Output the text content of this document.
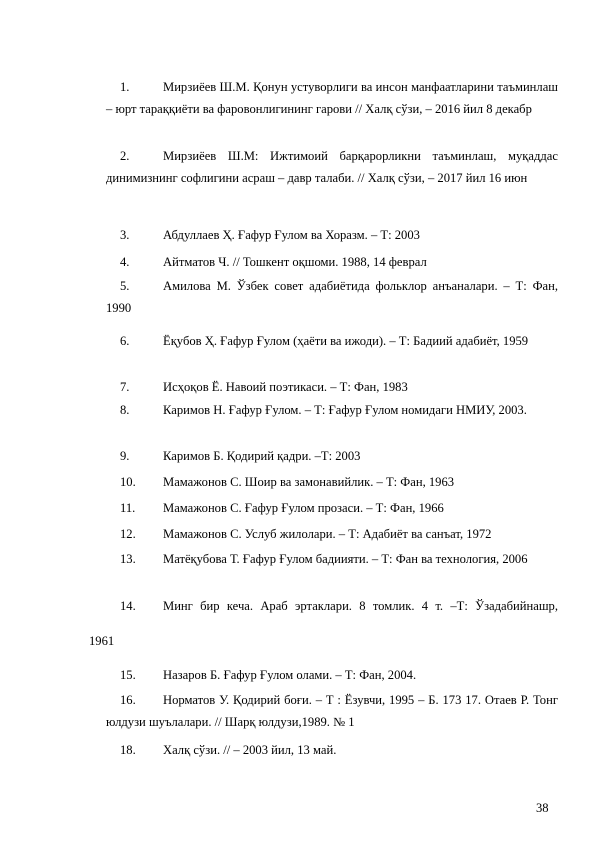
Мирзиёев Ш.М. Қонун устуворлиги ва инсон манфаатларини таъминлаш – юрт тараққиёти ва фаровонлигининг гарови // Халқ сўзи, – 2016 йил 8 декабр
1.
Мирзиёев Ш.М: Ижтимоий барқарорликни таъминлаш, муқаддас динимизнинг софлигини асраш – давр талаби. // Халқ сўзи, – 2017 йил 16 июн
2.
Абдуллаев Ҳ. Ғафур Ғулом ва Хоразм. – Т: 2003
3.
Айтматов Ч. // Тошкент оқшоми. 1988, 14 феврал
4.
Амилова М. Ўзбек совет адабиётида фольклор анъаналари. – Т: Фан, 1990
5.
Ёқубов Ҳ. Ғафур Ғулом (ҳаёти ва ижоди). – Т: Бадиий адабиёт, 1959
6.
Исҳоқов Ё. Навоий поэтикаси. – Т: Фан, 1983
7.
Каримов Н. Ғафур Ғулом. – Т: Ғафур Ғулом номидаги НМИУ, 2003.
8.
Каримов Б. Қодирий қадри. –Т: 2003
9.
Мамажонов С. Шоир ва замонавийлик. – Т: Фан, 1963
10.
Мамажонов С. Ғафур Ғулом прозаси. – Т: Фан, 1966
11.
Мамажонов С. Услуб жилолари. – Т: Адабиёт ва санъат, 1972
12.
Матёқубова Т. Ғафур Ғулом бадиияти. – Т: Фан ва технология, 2006
13.
Минг бир кеча. Араб эртаклари. 8 томлик. 4 т. –Т: Ўзадабийнашр,
14.
1961
Назаров Б. Ғафур Ғулом олами. – Т: Фан, 2004.
15.
Норматов У. Қодирий боғи. – Т : Ёзувчи, 1995 – Б. 173 17. Отаев Р. Тонг юлдузи шуълалари. // Шарқ юлдузи,1989. № 1
16.
Халқ сўзи. // – 2003 йил, 13 май.
18.
38
